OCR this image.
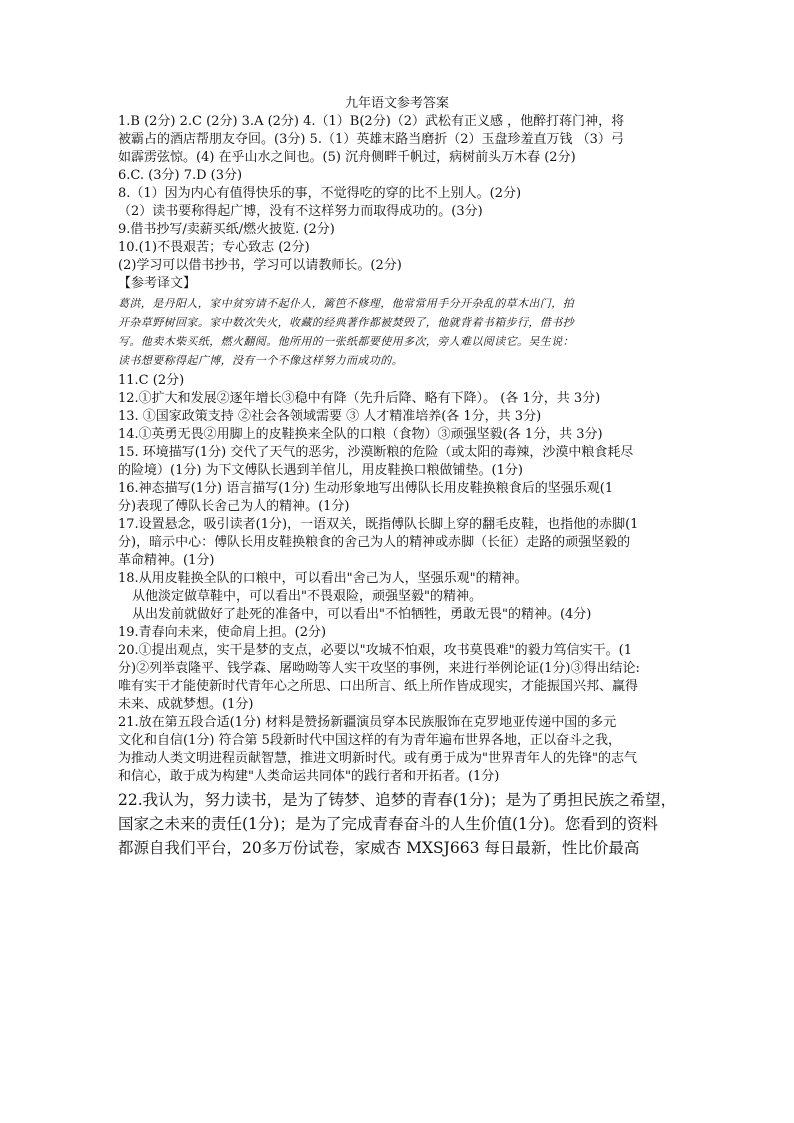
九年语文参考答案
1.B (2分) 2.C (2分) 3.A (2分) 4.（1）B(2分)（2）武松有正义感 ，他醉打蒋门神，将
被霸占的酒店帮朋友夺回。(3分) 5.（1）英雄末路当磨折（2）玉盘珍羞直万钱 （3）弓
如霹雳弦惊。(4) 在乎山水之间也。(5) 沉舟侧畔千帆过，病树前头万木春 (2分)
6.C. (3分) 7.D (3分)
8.（1）因为内心有值得快乐的事，不觉得吃的穿的比不上别人。(2分)
（2）读书要称得起广博，没有不这样努力而取得成功的。(3分)
9.借书抄写/卖薪买纸/燃火披览. (2分)
10.(1)不畏艰苦；专心致志 (2分)
(2)学习可以借书抄书，学习可以请教师长。(2分)
【参考译文】
葛洪，是丹阳人，家中贫穷请不起仆人，篱笆不修理，他常常用手分开杂乱的草木出门，拍
开杂草野树回家。家中数次失火，收藏的经典著作都被焚毁了，他就背着书箱步行，借书抄
写。他卖木柴买纸，燃火翻阅。他所用的一张纸都要使用多次，旁人难以阅读它。吴生说：
读书想要称得起广博，没有一个不像这样努力而成功的。
11.C (2分)
12.①扩大和发展②逐年增长③稳中有降（先升后降、略有下降）。 (各 1分，共 3分)
13. ①国家政策支持 ②社会各领域需要 ③ 人才精准培养(各 1分，共 3分)
14.①英勇无畏②用脚上的皮鞋换来全队的口粮（食物）③顽强坚毅(各 1分，共 3分)
15. 环境描写(1分) 交代了天气的恶劣，沙漠断粮的危险（或太阳的毒辣，沙漠中粮食耗尽
的险境）(1分) 为下文傅队长遇到羊倌儿，用皮鞋换口粮做铺垫。(1分)
16.神态描写(1分) 语言描写(1分) 生动形象地写出傅队长用皮鞋换粮食后的坚强乐观(1
分)表现了傅队长舍己为人的精神。(1分)
17.设置悬念，吸引读者(1分)，一语双关，既指傅队长脚上穿的翻毛皮鞋，也指他的赤脚(1
分)，暗示中心：傅队长用皮鞋换粮食的舍己为人的精神或赤脚（长征）走路的顽强坚毅的
革命精神。(1分)
18.从用皮鞋换全队的口粮中，可以看出"舍己为人，坚强乐观"的精神。
从他淡定做草鞋中，可以看出"不畏艰险，顽强坚毅"的精神。
从出发前就做好了赴死的准备中，可以看出"不怕牺牲，勇敢无畏"的精神。(4分)
19.青春向未来，使命肩上担。(2分)
20.①提出观点，实干是梦的支点，必要以"攻城不怕艰，攻书莫畏难"的毅力笃信实干。(1
分)②列举袁隆平、钱学森、屠呦呦等人实干攻坚的事例，来进行举例论证(1分)③得出结论:
唯有实干才能使新时代青年心之所思、口出所言、纸上所作皆成现实，才能振国兴邦、赢得
未来、成就梦想。(1分)
21.放在第五段合适(1分) 材料是赞扬新疆演员穿本民族服饰在克罗地亚传递中国的多元
文化和自信(1分) 符合第 5段新时代中国这样的有为青年遍布世界各地，正以奋斗之我，
为推动人类文明进程贡献智慧，推进文明新时代。或有勇于成为"世界青年人的先锋"的志气
和信心，敢于成为构建"人类命运共同体"的践行者和开拓者。(1分)
22.我认为，努力读书，是为了铸梦、追梦的青春(1分)；是为了勇担民族之希望，
国家之未来的责任(1分)；是为了完成青春奋斗的人生价值(1分)。您看到的资料
都源自我们平台，20多万份试卷，家威杏 MXSJ663 每日最新，性比价最高
